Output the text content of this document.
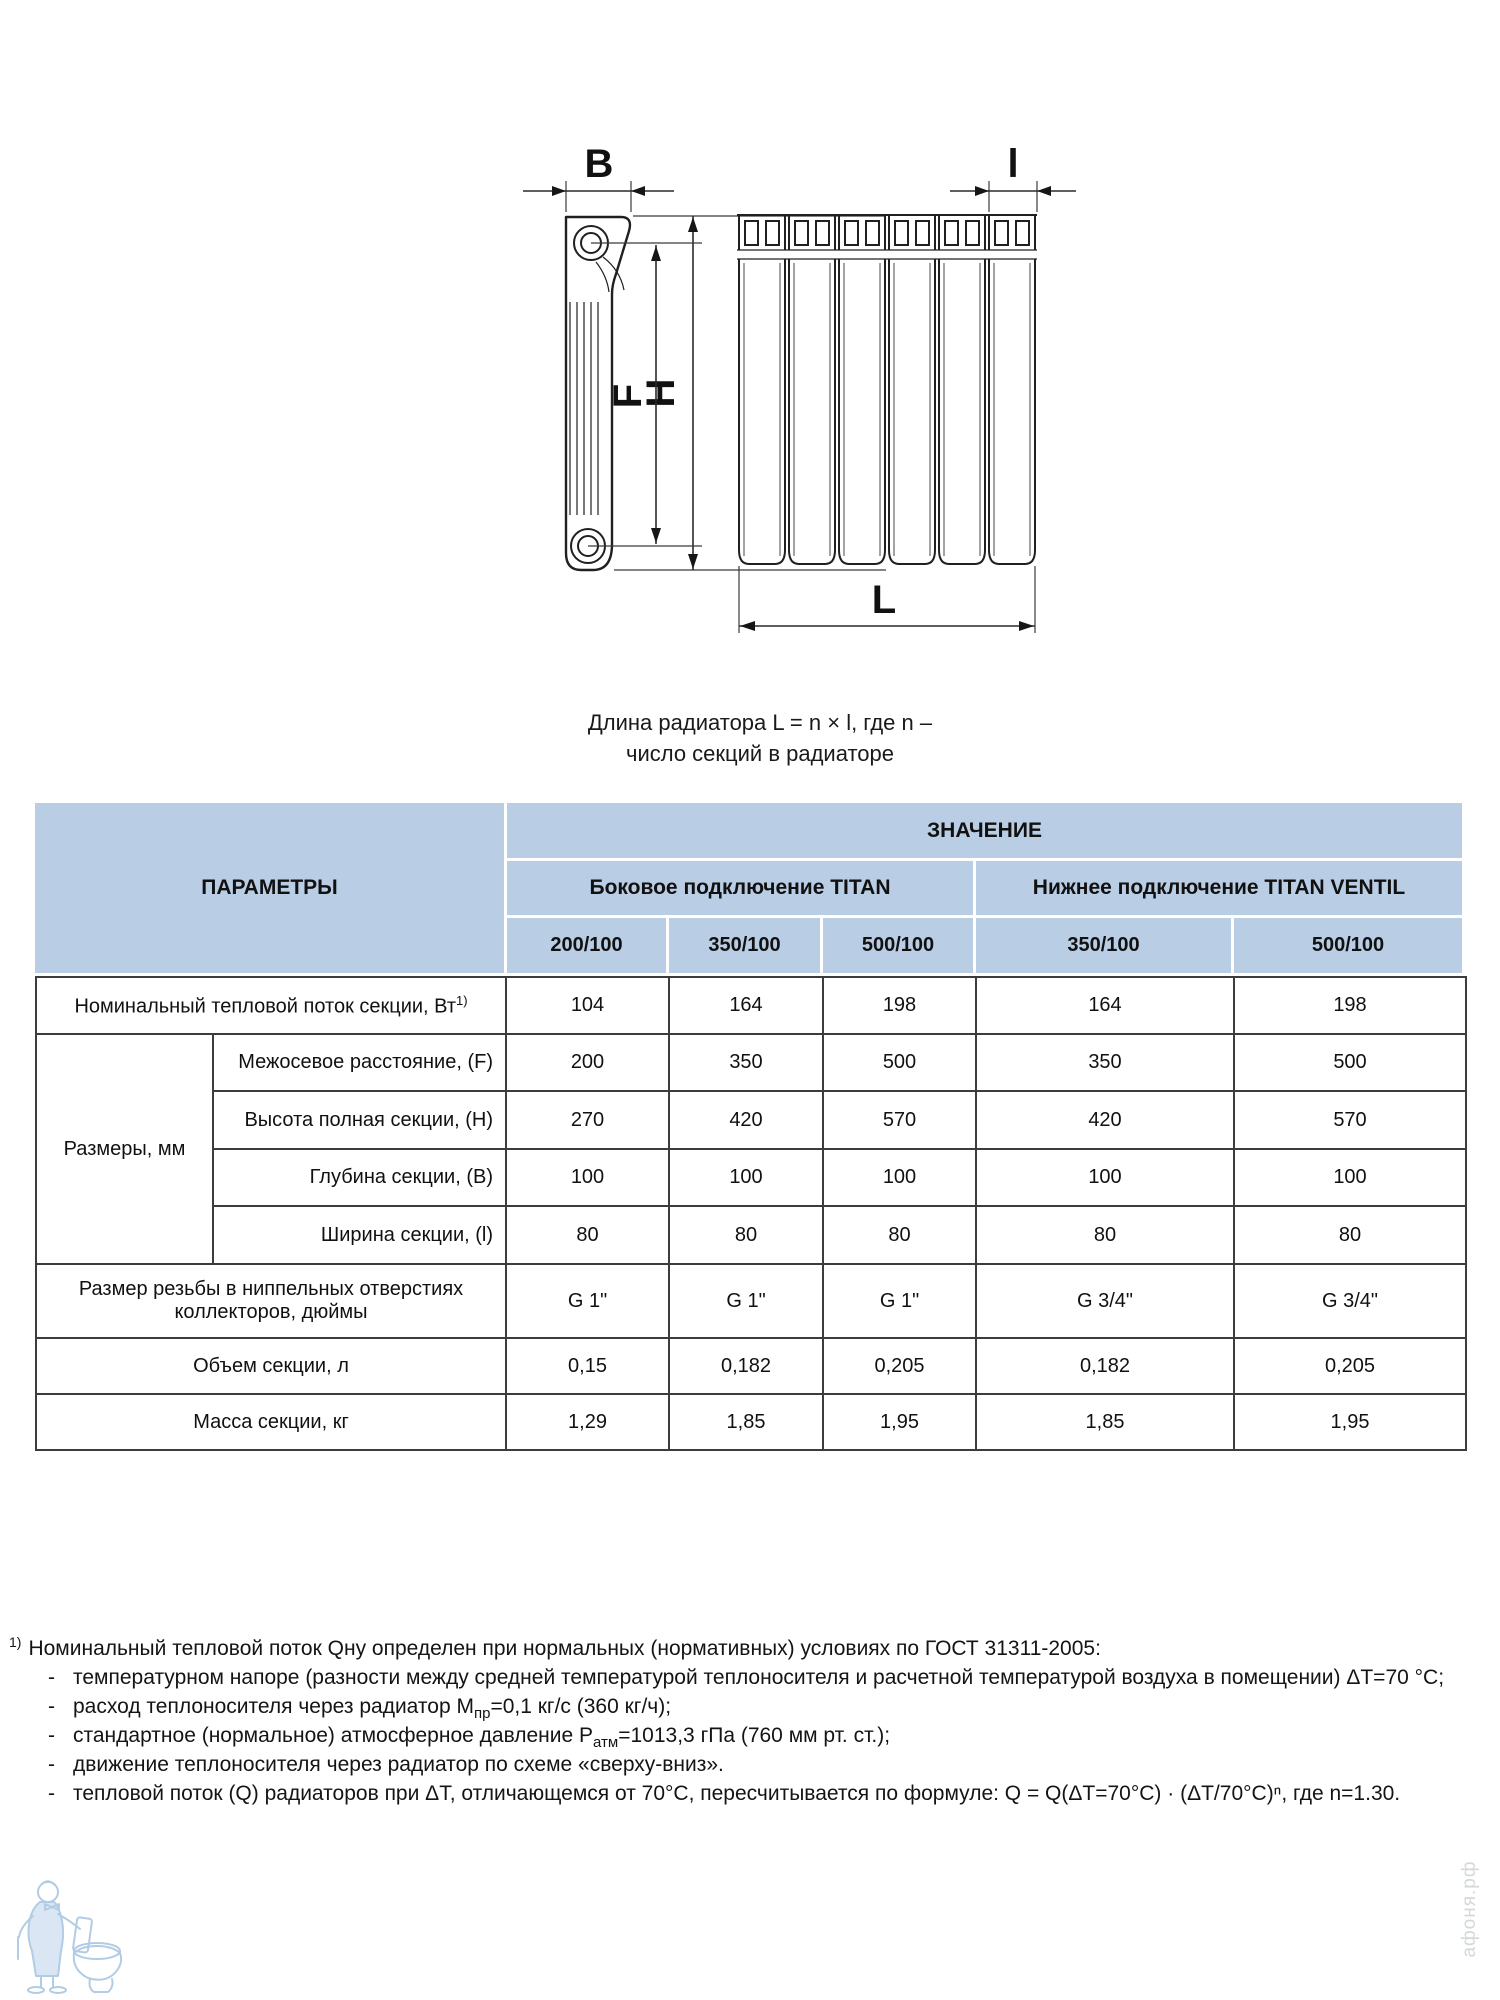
B
H
F
l
L
Длина радиатора L = n × l, где n –
число секций в радиаторе
ПАРАМЕТРЫ
ЗНАЧЕНИЕ
Боковое подключение TITAN	Нижнее подключение TITAN VENTIL
200/100	350/100	500/100	350/100	500/100
Номинальный тепловой поток секции, $Вт^{1)}$		104	164	198	164	198
Размеры, мм	Межосевое расстояние, (F)	200	350	500	350	500
	Высота полная секции, (H)	270	420	570	420	570
	Глубина секции, (B)	100	100	100	100	100
	Ширина секции, (l)	80	80	80	80	80
Размер резьбы в ниппельных отверстиях коллекторов, дюймы		G 1"	G 1"	G 1"	G 3/4"	G 3/4"
Объем секции, л		0,15	0,182	0,205	0,182	0,205
Масса секции, кг		1,29	1,85	1,95	1,85	1,95
$^{1)}$ Номинальный тепловой поток Qну определен при нормальных (нормативных) условиях по ГОСТ 31311-2005:
- температурном напоре (разности между средней температурой теплоносителя и расчетной температурой воздуха в помещении) ΔТ=70 °С;
- расход теплоносителя через радиатор $М_{пр}=0,1$ кг/с (360 кг/ч);
- стандартное (нормальное) атмосферное давление $Р_{атм}=1013,3$ гПа (760 мм рт. ст.);
- движение теплоносителя через радиатор по схеме «сверху-вниз».
- тепловой поток (Q) радиаторов при ΔТ, отличающемся от 70°С, пересчитывается по формуле: Q = Q(ΔТ=70°С) · (ΔТ/70°С)ⁿ, где n=1.30.
афоня.рф
